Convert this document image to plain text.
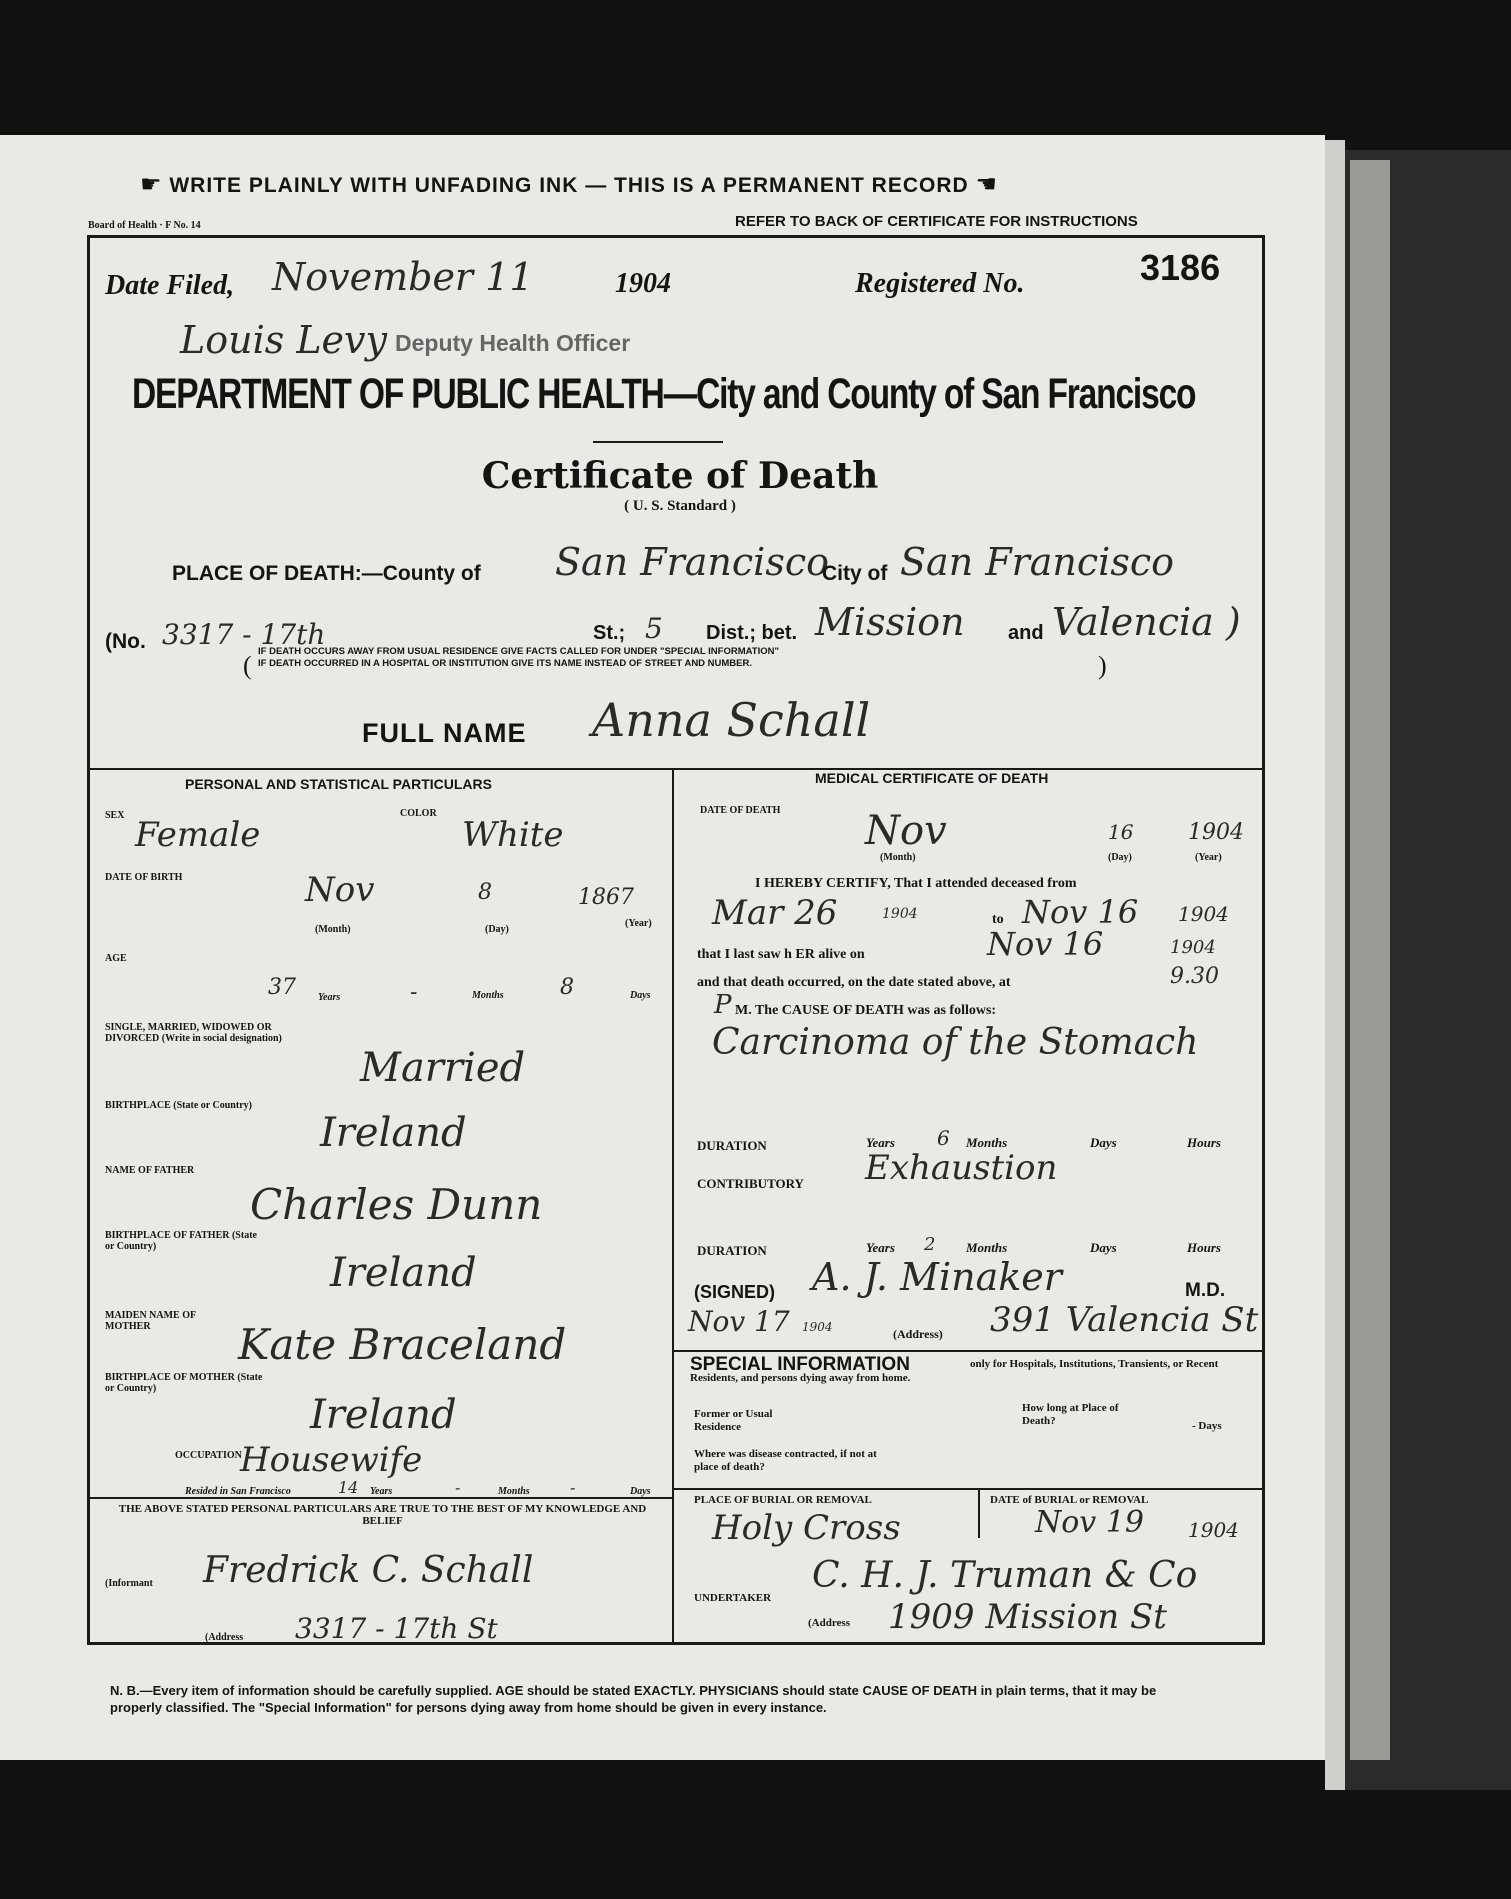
☛ WRITE PLAINLY WITH UNFADING INK — THIS IS A PERMANENT RECORD ☚
Board of Health · F No. 14	REFER TO BACK OF CERTIFICATE FOR INSTRUCTIONS
Date Filed, November 11	1904	Registered No.	3186
Louis Levy Deputy Health Officer
DEPARTMENT OF PUBLIC HEALTH—City and County of San Francisco
Certificate of Death
( U. S. Standard )
PLACE OF DEATH:—County of San Francisco
City of San Francisco
(No. 3317 - 17th	St.; 5 Dist.; bet. Mission and Valencia )
( IF DEATH OCCURS AWAY FROM USUAL RESIDENCE GIVE FACTS CALLED FOR UNDER "SPECIAL INFORMATION"
IF DEATH OCCURRED IN A HOSPITAL OR INSTITUTION GIVE ITS NAME INSTEAD OF STREET AND NUMBER.	)
FULL NAME Anna Schall
PERSONAL AND STATISTICAL PARTICULARS
SEX Female
COLOR
White
DATE OF BIRTH	Nov	8	1867
(Month)	(Day)
(Year)
AGE
37 Years	-	Months	8	Days
SINGLE, MARRIED, WIDOWED OR DIVORCED (Write in social designation)
Married
BIRTHPLACE (State or Country)
Ireland
NAME OF FATHER
Charles Dunn
BIRTHPLACE OF FATHER (State or Country)
Ireland
MAIDEN NAME OF MOTHER	Kate Braceland
BIRTHPLACE OF MOTHER (State or Country)
Ireland
OCCUPATION
Housewife
Resided in San Francisco	14 Years	-	Months	-	Days
THE ABOVE STATED PERSONAL PARTICULARS ARE TRUE TO THE BEST OF MY KNOWLEDGE AND BELIEF
(Informant Fredrick C. Schall
(Address 3317 - 17th St
MEDICAL CERTIFICATE OF DEATH
DATE OF DEATH Nov	16 1904
(Month)	(Day)	(Year)
I HEREBY CERTIFY, That I attended deceased from
Mar 26	1904	to Nov 16 1904
that I last saw h ER alive on	Nov 16	1904
and that death occurred, on the date stated above, at	9.30
P M. The CAUSE OF DEATH was as follows:
Carcinoma of the Stomach
DURATION	Years 6 Months	Days	Hours
CONTRIBUTORY Exhaustion
DURATION	Years 2 Months	Days	Hours
(SIGNED) A. J. Minaker	M.D.
Nov 17 1904	(Address) 391 Valencia St
SPECIAL INFORMATION	only for Hospitals, Institutions, Transients, or Recent Residents, and persons dying away from home.
Former or Usual Residence
How long at Place of Death?	- Days
Where was disease contracted, if not at place of death?
PLACE OF BURIAL OR REMOVAL
Holy Cross
DATE of BURIAL or REMOVAL
Nov 19 1904
UNDERTAKER
C. H. J. Truman & Co
(Address 1909 Mission St
N. B.—Every item of information should be carefully supplied. AGE should be stated EXACTLY. PHYSICIANS should state CAUSE OF DEATH in plain terms, that it may be properly classified. The "Special Information" for persons dying away from home should be given in every instance.
